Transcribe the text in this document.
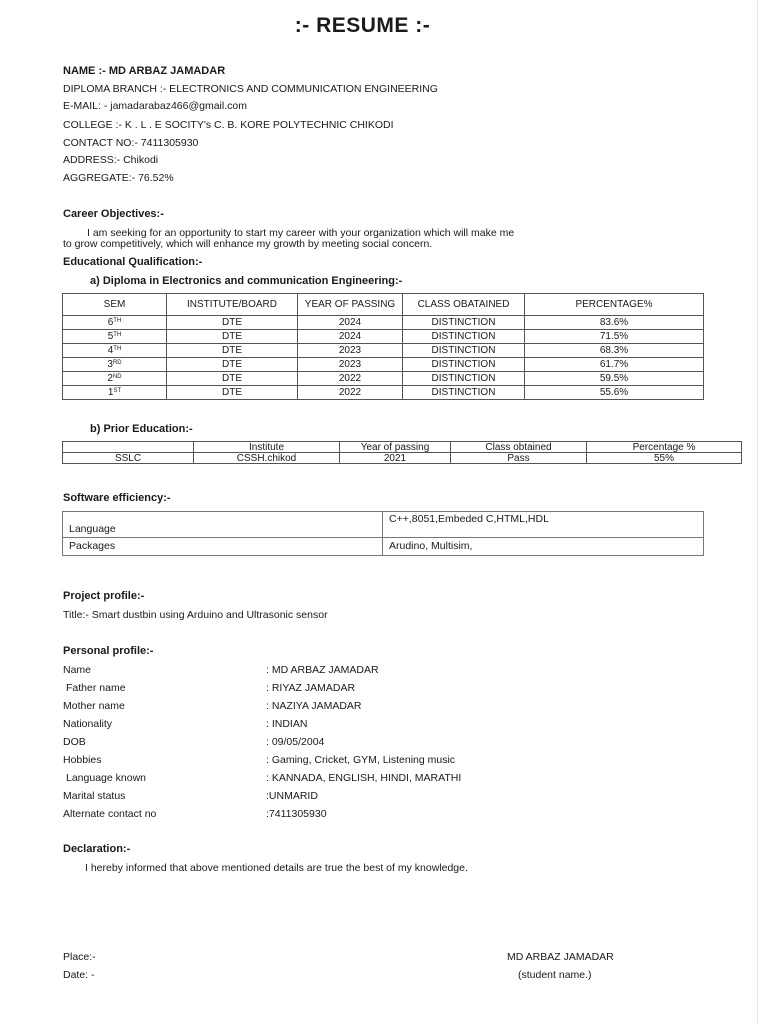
:- RESUME :-
NAME :- MD ARBAZ JAMADAR
DIPLOMA BRANCH :- ELECTRONICS AND COMMUNICATION ENGINEERING
E-MAIL: - jamadarabaz466@gmail.com
COLLEGE :- K . L . E SOCITY's C. B. KORE POLYTECHNIC CHIKODI
CONTACT NO:- 7411305930
ADDRESS:- Chikodi
AGGREGATE:- 76.52%
Career Objectives:-
I am seeking for an opportunity to start my career with your organization which will make me
to grow competitively, which will enhance my growth by meeting social concern.
Educational Qualification:-
a) Diploma in Electronics and communication Engineering:-
SEM	INSTITUTE/BOARD	YEAR OF PASSING	CLASS OBATAINED	PERCENTAGE%
6TH	DTE	2024	DISTINCTION	83.6%
5TH	DTE	2024	DISTINCTION	71.5%
4TH	DTE	2023	DISTINCTION	68.3%
3RD	DTE	2023	DISTINCTION	61.7%
2ND	DTE	2022	DISTINCTION	59.5%
1ST	DTE	2022	DISTINCTION	55.6%
b) Prior Education:-
	Institute	Year of passing	Class obtained	Percentage %
SSLC	CSSH.chikod	2021	Pass	55%
Software efficiency:-
Language	C++,8051,Embeded C,HTML,HDL
Packages	Arudino, Multisim,
Project profile:-
Title:- Smart dustbin using Arduino and Ultrasonic sensor
Personal profile:-
Name	: MD ARBAZ JAMADAR
Father name	: RIYAZ JAMADAR
Mother name	: NAZIYA JAMADAR
Nationality	: INDIAN
DOB	: 09/05/2004
Hobbies	: Gaming, Cricket, GYM, Listening music
Language known	: KANNADA, ENGLISH, HINDI, MARATHI
Marital status	:UNMARID
Alternate contact no	:7411305930
Declaration:-
I hereby informed that above mentioned details are true the best of my knowledge.
Place:-
Date: -
MD ARBAZ JAMADAR
(student name.)
